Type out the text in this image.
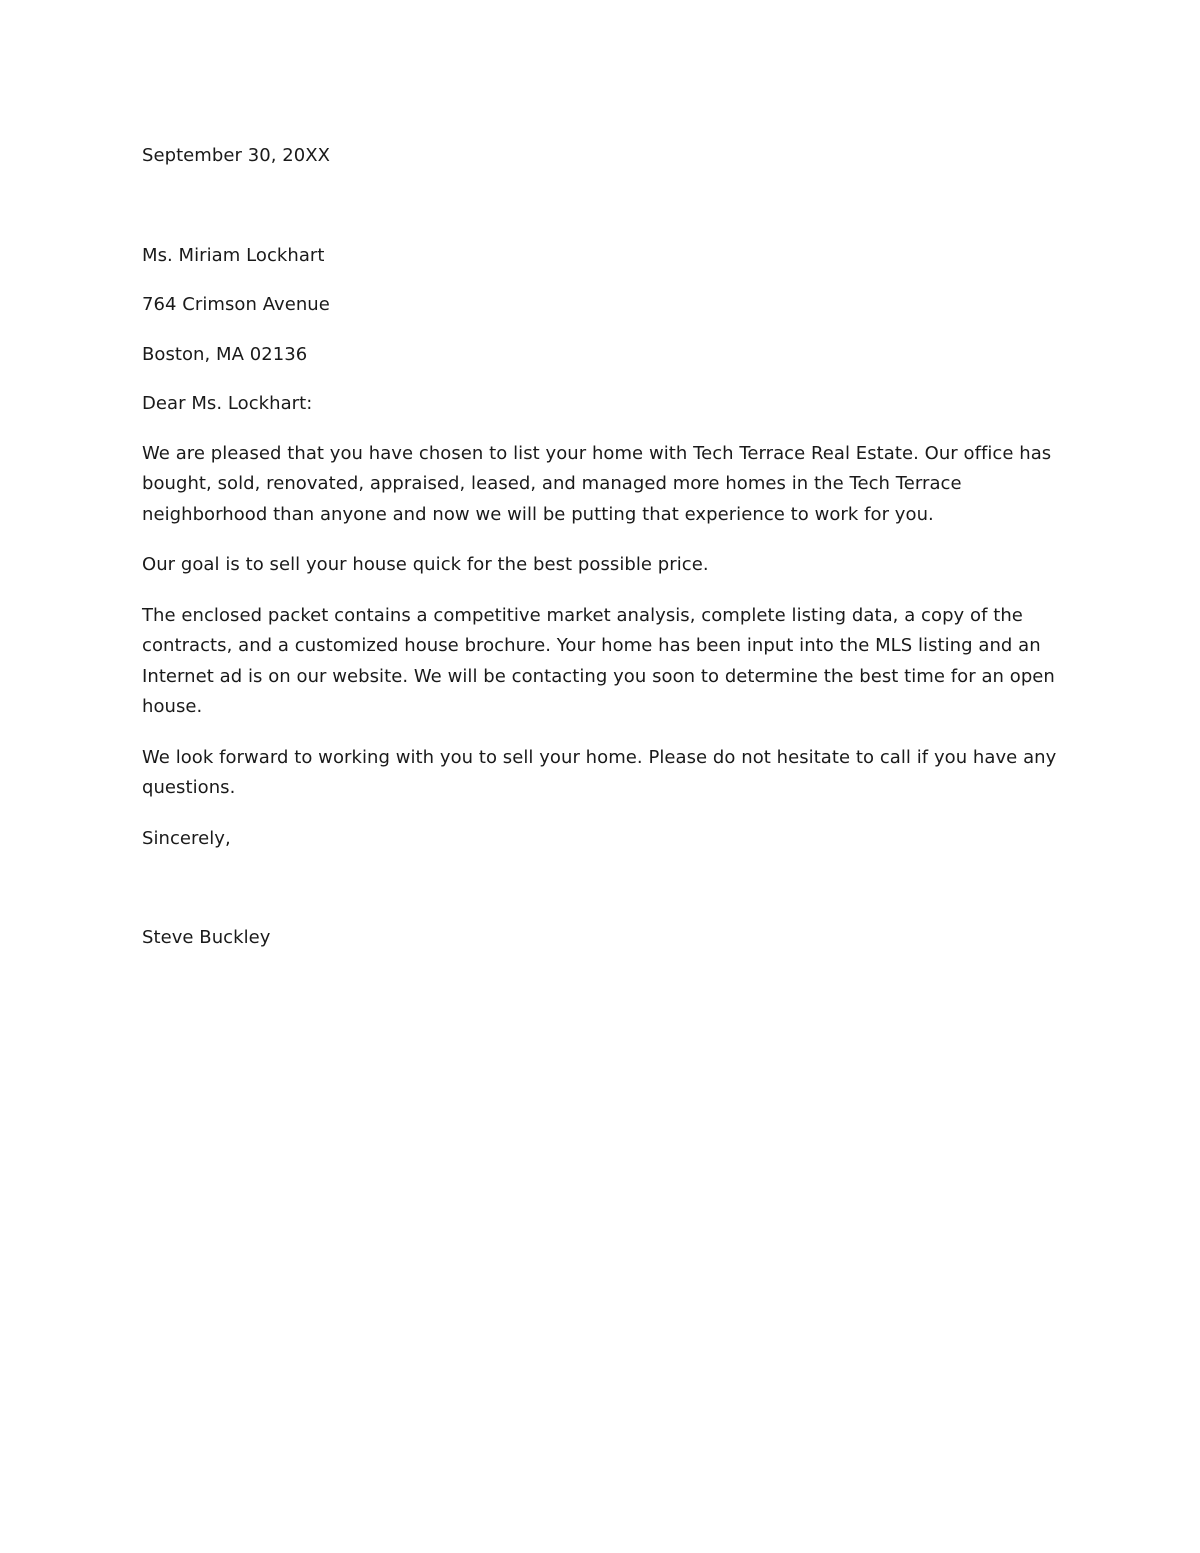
September 30, 20XX

Ms. Miriam Lockhart

764 Crimson Avenue

Boston, MA 02136

Dear Ms. Lockhart:

We are pleased that you have chosen to list your home with Tech Terrace Real Estate. Our office has
bought, sold, renovated, appraised, leased, and managed more homes in the Tech Terrace
neighborhood than anyone and now we will be putting that experience to work for you.

Our goal is to sell your house quick for the best possible price.

The enclosed packet contains a competitive market analysis, complete listing data, a copy of the
contracts, and a customized house brochure. Your home has been input into the MLS listing and an
Internet ad is on our website. We will be contacting you soon to determine the best time for an open
house.

We look forward to working with you to sell your home. Please do not hesitate to call if you have any
questions.

Sincerely,

Steve Buckley
